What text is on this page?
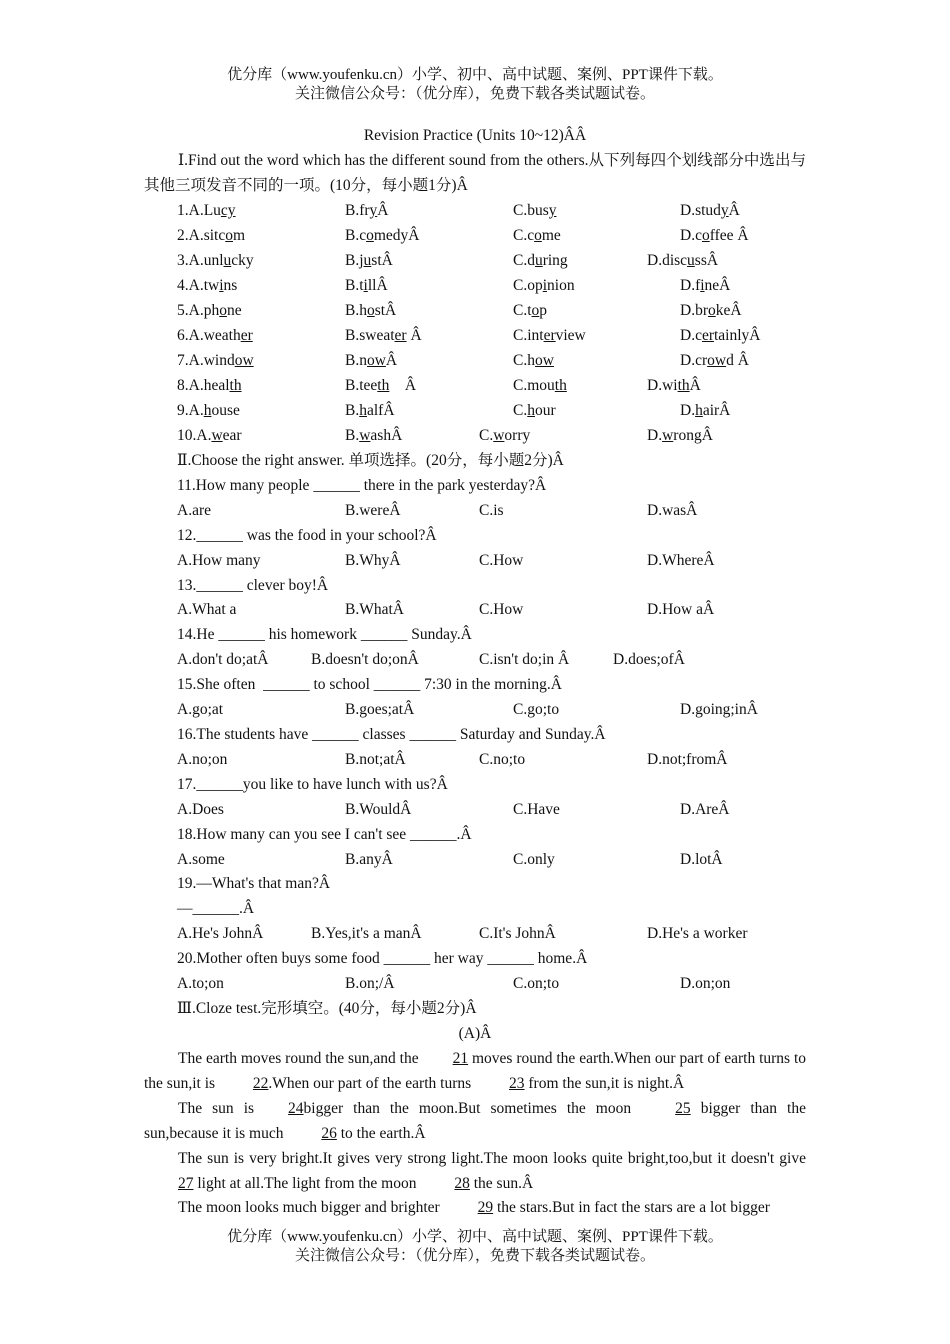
优分库（www.youfenku.cn）小学、初中、高中试题、案例、PPT课件下载。
关注微信公众号：（优分库），免费下载各类试题试卷。
Revision Practice (Units 10~12)ÂÂ
Ⅰ.Find out the word which has the different sound from the others.从下列每四个划线部分中选出与其他三项发音不同的一项。(10分，每小题1分)Â
1.A.Lucy	B.fryÂ	C.busy	D.studyÂ
2.A.sitcom	B.comedyÂ	C.come	D.coffee Â
3.A.unlucky	B.justÂ	C.during	D.discussÂ
4.A.twins	B.tillÂ	C.opinion	D.fineÂ
5.A.phone	B.hostÂ	C.top	D.brokeÂ
6.A.weather	B.sweater Â	C.interview	D.certainlyÂ
7.A.window	B.nowÂ	C.how	D.crowd Â
8.A.health	B.teeth    Â	C.mouth	D.withÂ
9.A.house	B.halfÂ	C.hour	D.hairÂ
10.A.wear	B.washÂ	C.worry	D.wrongÂ
Ⅱ.Choose the right answer. 单项选择。(20分，每小题2分)Â
11.How many people ______ there in the park yesterday?Â
A.are	B.wereÂ	C.is	D.wasÂ
12.______ was the food in your school?Â
A.How many	B.WhyÂ	C.How	D.WhereÂ
13.______ clever boy!Â
A.What a	B.WhatÂ	C.How	D.How aÂ
14.He ______ his homework ______ Sunday.Â
A.don't do;atÂ	B.doesn't do;onÂ	C.isn't do;in Â	D.does;ofÂ
15.She often  ______ to school ______ 7:30 in the morning.Â
A.go;at	B.goes;atÂ	C.go;to	D.going;inÂ
16.The students have ______ classes ______ Saturday and Sunday.Â
A.no;on	B.not;atÂ	C.no;to	D.not;fromÂ
17.______you like to have lunch with us?Â
A.Does	B.WouldÂ	C.Have	D.AreÂ
18.How many can you see I can't see ______.Â
A.some	B.anyÂ	C.only	D.lotÂ
19.—What's that man?Â
—______.Â
A.He's JohnÂ	B.Yes,it's a manÂ	C.It's JohnÂ	D.He's a worker
20.Mother often buys some food ______ her way ______ home.Â
A.to;on	B.on;/Â	C.on;to	D.on;on
Ⅲ.Cloze test.完形填空。(40分，每小题2分)Â
(A)Â
The earth moves round the sun,and the21 moves round the earth.When our part of earth turns to the sun,it is 22.When our part of the earth turns 23 from the sun,it is night.Â
The sun is24bigger than the moon.But sometimes the moon 25 bigger than the sun,because it is much 26 to the earth.Â
The sun is very bright.It gives very strong light.The moon looks quite bright,too,but it doesn't give 27 light at all.The light from the moon 28 the sun.Â
The moon looks much bigger and brighter 29 the stars.But in fact the stars are a lot bigger
优分库（www.youfenku.cn）小学、初中、高中试题、案例、PPT课件下载。
关注微信公众号：（优分库），免费下载各类试题试卷。
